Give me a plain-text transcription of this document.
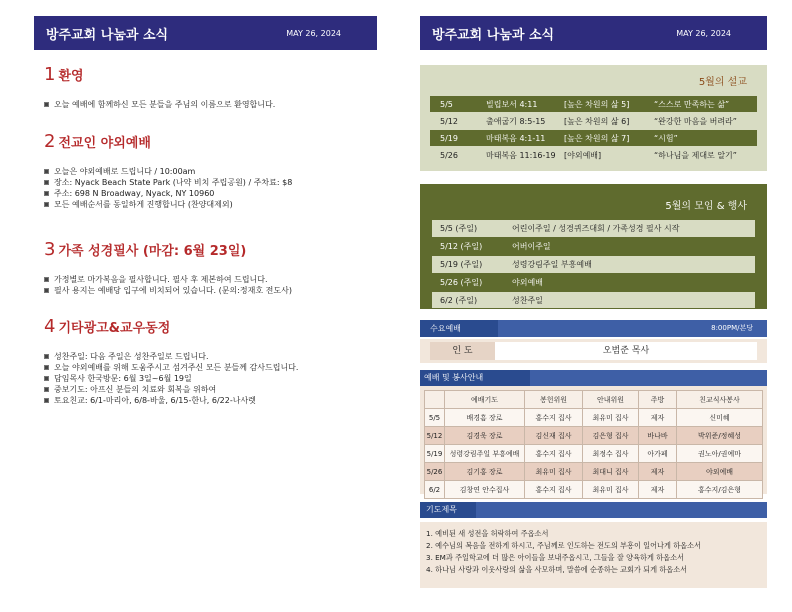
방주교회 나눔과 소식	MAY 26, 2024	방주교회 나눔과 소식	MAY 26, 2024
1 환영
오늘 예배에 함께하신 모든 분들을 주님의 이름으로 환영합니다.
2 전교인 야외예배
오늘은 야외예배로 드립니다 / 10:00am
장소: Nyack Beach State Park (나약 비치 주립공원) / 주차료: $8
주소: 698 N Broadway, Nyack, NY 10960
모든 예배순서를 동일하게 진행합니다 (찬양대제외)
3 가족 성경필사 (마감: 6월 23일)
가정별로 마가복음을 필사합니다. 필사 후 제본하여 드립니다.
필사 용지는 예배당 입구에 비치되어 있습니다. (문의:정재호 전도사)
4 기타광고&교우동정
성찬주일: 다음 주일은 성찬주일로 드립니다.
오늘 야외예배를 위해 도움주시고 섬겨주신 모든 분들께 감사드립니다.
담임목사 한국방문: 6월 3일~6월 19일
중보기도: 아프신 분들의 치료와 회복을 위하여
토요친교: 6/1-마리아, 6/8-바울, 6/15-한나, 6/22-나사렛
5월의 설교
5/5	빌립보서 4:11	[높은 차원의 삶 5]	“스스로 만족하는 삶”
5/12	출애굽기 8:5-15 [높은 차원의 삶 6]	“완강한 마음을 버려라”
5/19	마태복음 4:1-11 [높은 차원의 삶 7]	“시험”
5/26	마태복음 11:16-19 [야외예배]	“하나님을 제대로 알기”
5월의 모임 & 행사
5/5 (주일)	어린이주일 / 성경퀴즈대회 / 가족성경 필사 시작
5/12 (주일)	어버이주일
5/19 (주일)	성령강림주일 부흥예배
5/26 (주일)	야외예배
6/2 (주일)	성찬주일
수요예배	8:00PM/본당
인 도	오범준 목사
예배 및 봉사안내
	예배기도	봉헌위원	안내위원	주방	친교식사봉사
5/5	배경흠 장로	홍수지 집사	최유미 집사	제자	신미혜
5/12	김경욱 장로	김신재 집사	김은형 집사	바나바	박위준/정혜성
5/19	성령강림주일 부흥예배	홍수지 집사	최정수 집사	아가페	권노아/권예마
5/26	김기홍 장로	최유미 집사	최대니 집사	제자	야외예배
6/2	김창연 안수집사	홍수지 집사	최유미 집사	제자	홍수지/김은형
기도제목
1. 예비된 새 성전을 허락하여 주옵소서
2. 예수님의 복음을 전하게 하시고, 주님께로 인도하는 전도의 부흥이 일어나게 하옵소서
3. EM과 주일학교에 더 많은 아이들을 보내주옵시고, 그들을 잘 양육하게 하옵소서
4. 하나님 사랑과 이웃사랑의 삶을 사모하며, 말씀에 순종하는 교회가 되게 하옵소서
